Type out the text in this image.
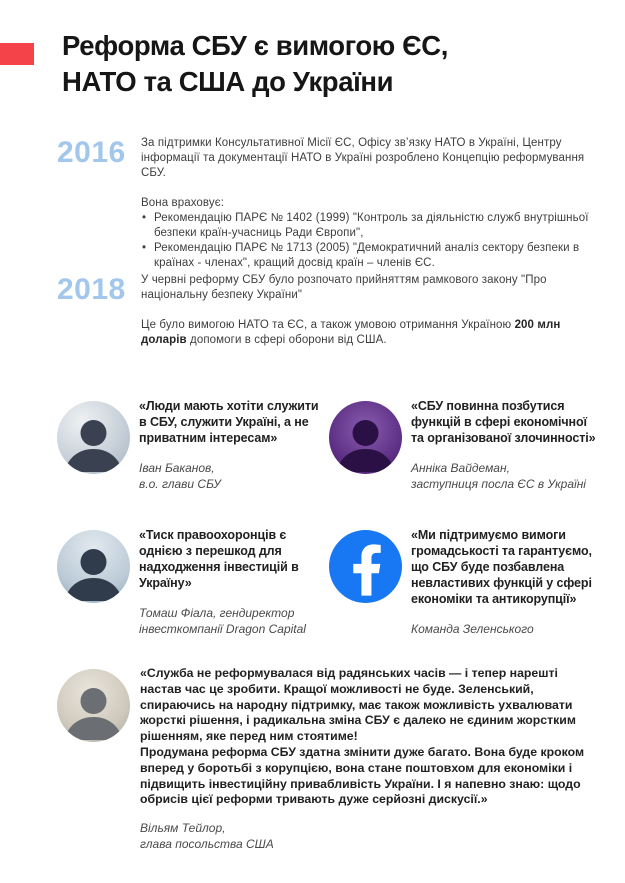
Реформа СБУ є вимогою ЄС,
НАТО та США до України
2016	За підтримки Консультативної Місії ЄС, Офісу зв’язку НАТО в Україні, Центру інформації та документації НАТО в Україні розроблено Концепцію реформування СБУ.

Вона враховує:

• Рекомендацію ПАРЄ № 1402 (1999) "Контроль за діяльністю служб внутрішньої безпеки країн-учасниць Ради Європи",
• Рекомендацію ПАРЄ № 1713 (2005) "Демократичний аналіз сектору безпеки в країнах - членах", кращий досвід країн – членів ЄС.
2018	У червні реформу СБУ було розпочато прийняттям рамкового закону "Про національну безпеку України"

Це було вимогою НАТО та ЄС, а також умовою отримання Україною 200 млн доларів допомоги в сфері оборони від США.

«Люди мають хотіти служити в СБУ, служити Україні, а не приватним інтересам»
Іван Баканов,
в.о. глави СБУ
«СБУ повинна позбутися функцій в сфері економічної та організованої злочинності»
Анніка Вайдеман,
заступниця посла ЄС в Україні
«Тиск правоохоронців є однією з перешкод для надходження інвестицій в Україну»
Томаш Фіала, гендиректор
інвесткомпанії Dragon Capital
«Ми підтримуємо вимоги громадськості та гарантуємо, що СБУ буде позбавлена невластивих функцій у сфері економіки та антикорупції»
Команда Зеленського

«Служба не реформувалася від радянських часів — і тепер нарешті настав час це зробити. Кращої можливості не буде. Зеленський, спираючись на народну підтримку, має також можливість ухвалювати жорсткі рішення, і радикальна зміна СБУ є далеко не єдиним жорстким рішенням, яке перед ним стоятиме!

Продумана реформа СБУ здатна змінити дуже багато. Вона буде кроком вперед у боротьбі з корупцією, вона стане поштовхом для економіки і підвищить інвестиційну привабливість України. І я напевно знаю: щодо обрисів цієї реформи тривають дуже серйозні дискусії.»

Вільям Тейлор,
глава посольства США
